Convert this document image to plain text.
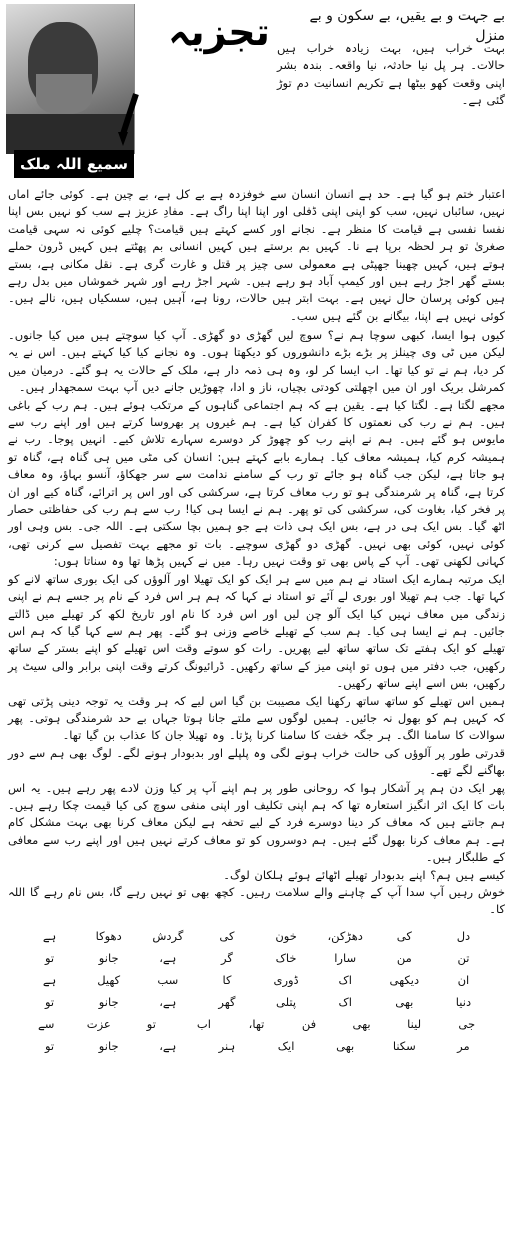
تجزیہ	بے جہت و بے یقیں، بے سکون و بے منزل
سمیع اللہ ملک

بہت خراب ہیں، بہت زیادہ خراب ہیں حالات۔ ہر پل نیا حادثہ، نیا واقعہ۔ بندہ بشر اپنی وقعت کھو بیٹھا ہے تکریم انسانیت دم توڑ گئی ہے۔

اعتبار ختم ہو گیا ہے۔ حد ہے انسان انسان سے خوفزدہ ہے بے کل ہے، بے چین ہے۔ کوئی جائے اماں نہیں، سائباں نہیں، سب کو اپنی اپنی ڈفلی اور اپنا اپنا راگ ہے۔ مفادِ عزیز ہے سب کو نہیں بس اپنا نفسا نفسی ہے قیامت کا منظر ہے۔ نجانے اور کسے کہتے ہیں قیامت؟ چلیے کوئی نہ سہی قیامت صغریٰ تو ہر لحظہ برپا ہے نا۔ کہیں بم برستے ہیں کہیں انسانی بم پھٹتے ہیں کہیں ڈرون حملے ہوتے ہیں، کہیں چھینا جھپٹی ہے معمولی سی چیز پر قتل و غارت گری ہے۔ نقل مکانی ہے، بستے بستے گھر اجڑ رہے ہیں اور کیمپ آباد ہو رہے ہیں۔ شہر اجڑ رہے اور شہر خموشاں میں بدل رہے ہیں کوئی پرسان حال نہیں ہے۔ بہت ابتر ہیں حالات، رونا ہے، آہیں ہیں، سسکیاں ہیں، نالے ہیں۔ کوئی نہیں ہے اپنا، بیگانے بن گئے ہیں سب۔

کیوں ہوا ایسا، کبھی سوچا ہم نے؟ سوچ لیں گھڑی دو گھڑی۔ آپ کیا سوچتے ہیں میں کیا جانوں۔ لیکن میں ٹی وی چینلز پر بڑے بڑے دانشوروں کو دیکھتا ہوں۔ وہ نجانے کیا کیا کہتے ہیں۔ اس نے یہ کر دیا، ہم نے تو کیا تھا۔ اب ایسا کر لو، وہ ہی ذمہ دار ہے، ملک کے حالات یہ ہو گئے۔ درمیان میں کمرشل بریک اور ان میں اچھلتی کودتی بچیاں، ناز و ادا، چھوڑیں جانے دیں آپ بہت سمجھدار ہیں۔

مجھے لگتا ہے۔ لگتا کیا ہے۔ یقین ہے کہ ہم اجتماعی گناہوں کے مرتکب ہوئے ہیں۔ ہم رب کے باغی ہیں۔ ہم نے رب کی نعمتوں کا کفران کیا ہے۔ ہم غیروں پر بھروسا کرتے ہیں اور اپنے رب سے مایوس ہو گئے ہیں۔ ہم نے اپنے رب کو چھوڑ کر دوسرے سہارے تلاش کیے۔ انہیں پوجا۔ رب نے ہمیشہ کرم کیا، ہمیشہ معاف کیا۔ ہمارے بابے کہتے ہیں: انسان کی مٹی میں ہی گناہ ہے، گناہ تو ہو جاتا ہے، لیکن جب گناہ ہو جائے تو رب کے سامنے ندامت سے سر جھکاؤ، آنسو بہاؤ، وہ معاف کرتا ہے، گناہ پر شرمندگی ہو تو رب معاف کرتا ہے، سرکشی کی اور اس پر اترائے، گناہ کیے اور ان پر فخر کیا، بغاوت کی، سرکشی کی تو پھر۔ ہم نے ایسا ہی کیا! رب سے ہم رب کی حفاظتی حصار اٹھ گیا۔ بس ایک ہی در ہے، بس ایک ہی ذات ہے جو ہمیں بچا سکتی ہے۔ اللہ جی۔ بس وہی اور کوئی نہیں، کوئی بھی نہیں۔ گھڑی دو گھڑی سوچیے۔ بات تو مجھے بہت تفصیل سے کرنی تھی، کہانی لکھنی تھی۔ آپ کے پاس بھی تو وقت نہیں رہا۔ میں نے کہیں پڑھا تھا وہ سناتا ہوں:

ایک مرتبہ ہمارے ایک استاد نے ہم میں سے ہر ایک کو ایک تھیلا اور آلوؤں کی ایک بوری ساتھ لانے کو کہا تھا۔ جب ہم تھیلا اور بوری لے آئے تو استاد نے کہا کہ ہم ہر اس فرد کے نام پر جسے ہم نے اپنی زندگی میں معاف نہیں کیا ایک آلو چن لیں اور اس فرد کا نام اور تاریخ لکھ کر تھیلے میں ڈالتے جائیں۔ ہم نے ایسا ہی کیا۔ ہم سب کے تھیلے خاصے وزنی ہو گئے۔ پھر ہم سے کہا گیا کہ ہم اس تھیلے کو ایک ہفتے تک ساتھ ساتھ لیے پھریں۔ رات کو سوتے وقت اس تھیلے کو اپنے بستر کے ساتھ رکھیں، جب دفتر میں ہوں تو اپنی میز کے ساتھ رکھیں۔ ڈرائیونگ کرتے وقت اپنی برابر والی سیٹ پر رکھیں، بس اسے اپنے ساتھ رکھیں۔

ہمیں اس تھیلے کو ساتھ ساتھ رکھنا ایک مصیبت بن گیا اس لیے کہ ہر وقت یہ توجہ دینی پڑتی تھی کہ کہیں ہم کو بھول نہ جائیں۔ ہمیں لوگوں سے ملتے جانا ہوتا جہاں بے حد شرمندگی ہوتی۔ پھر سوالات کا سامنا الگ۔ ہر جگہ خفت کا سامنا کرنا پڑتا۔ وہ تھیلا جان کا عذاب بن گیا تھا۔

قدرتی طور پر آلوؤں کی حالت خراب ہونے لگی وہ پلپلے اور بدبودار ہونے لگے۔ لوگ بھی ہم سے دور بھاگنے لگے تھے۔

پھر ایک دن ہم پر آشکار ہوا کہ روحانی طور پر ہم اپنے آپ پر کیا وزن لادے پھر رہے ہیں۔ یہ اس بات کا ایک اثر انگیز استعارہ تھا کہ ہم اپنی تکلیف اور اپنی منفی سوچ کی کیا قیمت چکا رہے ہیں۔ ہم جانتے ہیں کہ معاف کر دینا دوسرے فرد کے لیے تحفہ ہے لیکن معاف کرنا بھی بہت مشکل کام ہے۔ ہم معاف کرنا بھول گئے ہیں۔ ہم دوسروں کو تو معاف کرتے نہیں ہیں اور اپنے رب سے معافی کے طلبگار ہیں۔

کیسے ہیں ہم؟ اپنے بدبودار تھیلے اٹھائے ہوئے ہلکان لوگ۔

خوش رہیں آپ سدا آپ کے چاہنے والے سلامت رہیں۔ کچھ بھی تو نہیں رہے گا، بس نام رہے گا اللہ کا۔

دل
کی
دھڑکن،
خون
کی
گردش
دھوکا
ہے
تن
من
سارا
خاک
گر
ہے،
جانو
تو
ان
دیکھی
اک
ڈوری
کا
سب
کھیل
ہے
دنیا
بھی
اک
پتلی
گھر
ہے،
جانو
تو
جی
لینا
بھی
فن
تھا،
اب
تو
عزت
سے
مر
سکنا
بھی
ایک
ہنر
ہے،
جانو
تو
